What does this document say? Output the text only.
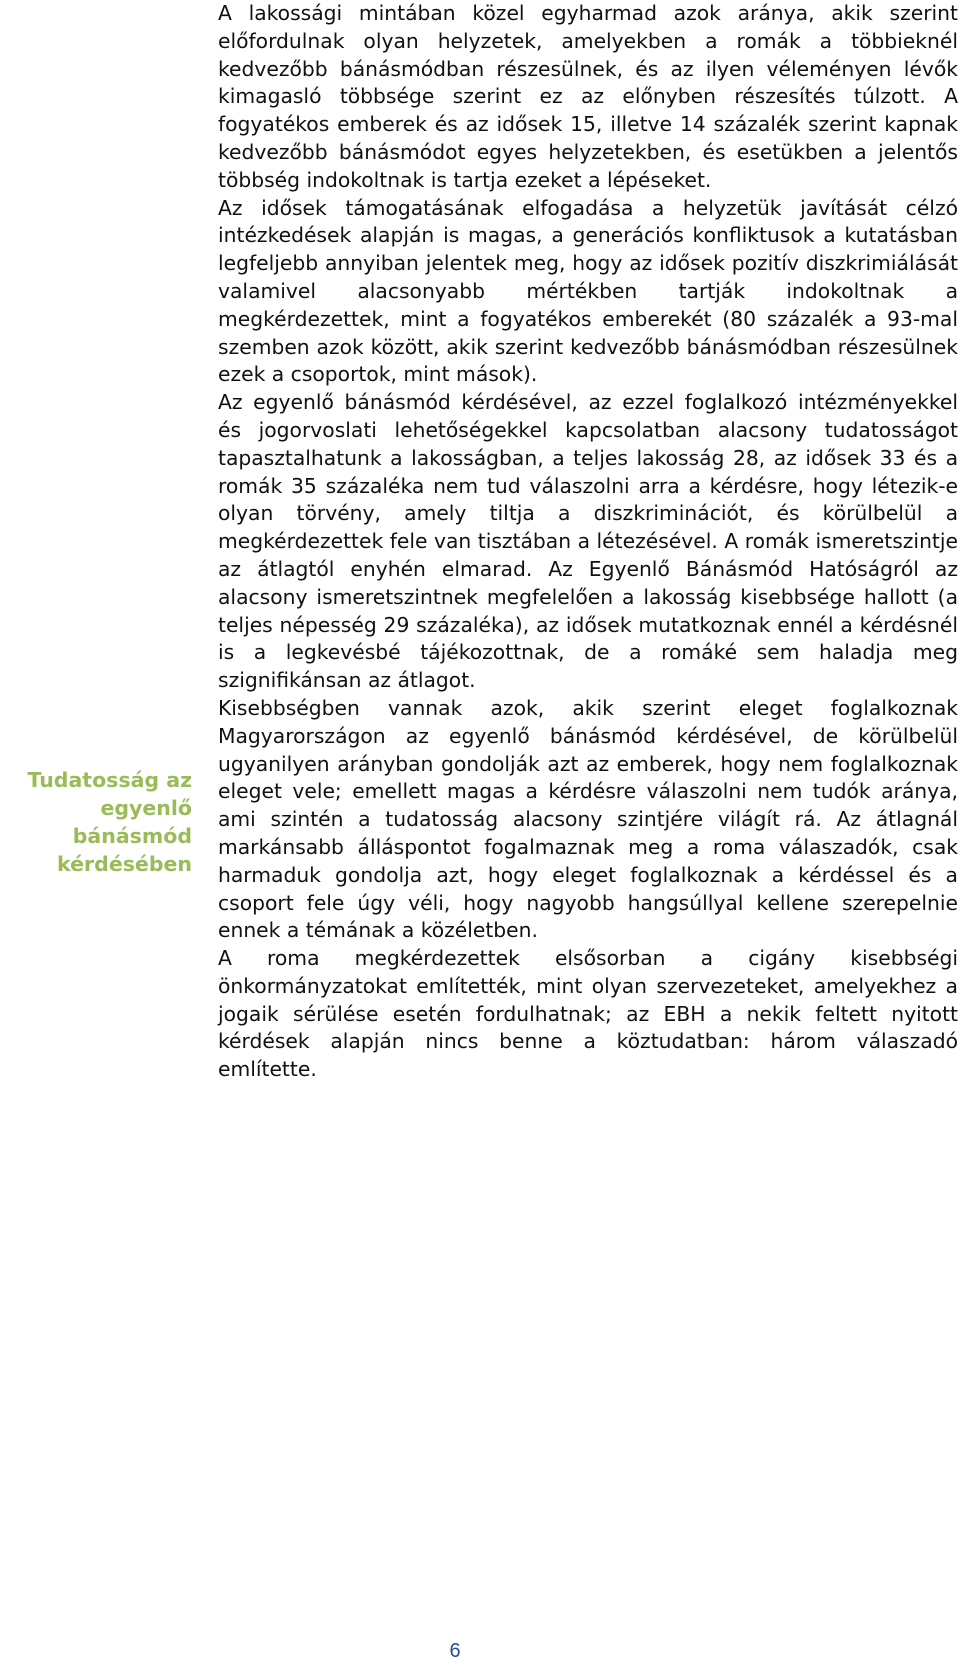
Tudatosság az
egyenlő
bánásmód
kérdésében

A lakossági mintában közel egyharmad azok aránya, akik szerint előfordulnak olyan helyzetek, amelyekben a romák a többieknél kedvezőbb bánásmódban részesülnek, és az ilyen véleményen lévők kimagasló többsége szerint ez az előnyben részesítés túlzott. A fogyatékos emberek és az idősek 15, illetve 14 százalék szerint kapnak kedvezőbb bánásmódot egyes helyzetekben, és esetükben a jelentős többség indokoltnak is tartja ezeket a lépéseket.

Az idősek támogatásának elfogadása a helyzetük javítását célzó intézkedések alapján is magas, a generációs konfliktusok a kutatásban legfeljebb annyiban jelentek meg, hogy az idősek pozitív diszkrimiálását valamivel alacsonyabb mértékben tartják indokoltnak a megkérdezettek, mint a fogyatékos emberekét (80 százalék a 93-mal szemben azok között, akik szerint kedvezőbb bánásmódban részesülnek ezek a csoportok, mint mások).

Az egyenlő bánásmód kérdésével, az ezzel foglalkozó intézményekkel és jogorvoslati lehetőségekkel kapcsolatban alacsony tudatosságot tapasztalhatunk a lakosságban, a teljes lakosság 28, az idősek 33 és a romák 35 százaléka nem tud válaszolni arra a kérdésre, hogy létezik-e olyan törvény, amely tiltja a diszkriminációt, és körülbelül a megkérdezettek fele van tisztában a létezésével. A romák ismeretszintje az átlagtól enyhén elmarad. Az Egyenlő Bánásmód Hatóságról az alacsony ismeretszintnek megfelelően a lakosság kisebbsége hallott (a teljes népesség 29 százaléka), az idősek mutatkoznak ennél a kérdésnél is a legkevésbé tájékozottnak, de a romáké sem haladja meg szignifikánsan az átlagot.

Kisebbségben vannak azok, akik szerint eleget foglalkoznak Magyarországon az egyenlő bánásmód kérdésével, de körülbelül ugyanilyen arányban gondolják azt az emberek, hogy nem foglalkoznak eleget vele; emellett magas a kérdésre válaszolni nem tudók aránya, ami szintén a tudatosság alacsony szintjére világít rá. Az átlagnál markánsabb álláspontot fogalmaznak meg a roma válaszadók, csak harmaduk gondolja azt, hogy eleget foglalkoznak a kérdéssel és a csoport fele úgy véli, hogy nagyobb hangsúllyal kellene szerepelnie ennek a témának a közéletben.

A roma megkérdezettek elsősorban a cigány kisebbségi önkormányzatokat említették, mint olyan szervezeteket, amelyekhez a jogaik sérülése esetén fordulhatnak; az EBH a nekik feltett nyitott kérdések alapján nincs benne a köztudatban: három válaszadó említette.

6
